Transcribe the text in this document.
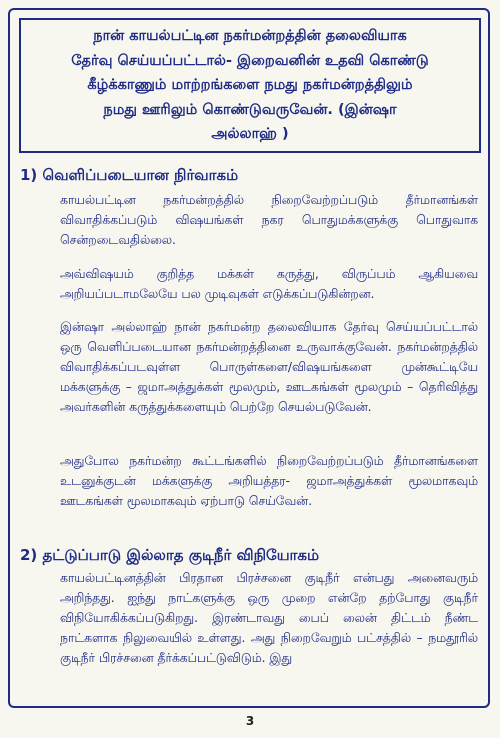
நான் காயல்பட்டின நகர்மன்றத்தின் தலைவியாக

தேர்வு செய்யப்பட்டால்- இறைவனின் உதவி கொண்டு

கீழ்க்காணும் மாற்றங்களை நமது நகர்மன்றத்திலும்

நமது ஊரிலும் கொண்டுவருவேன். (இன்ஷா

அல்லாஹ் )

1) வெளிப்படையான நிர்வாகம்

காயல்பட்டின நகர்மன்றத்தில் நிறைவேற்றப்படும் தீர்மானங்கள் விவாதிக்கப்படும் விஷயங்கள் நகர பொதுமக்களுக்கு பொதுவாக சென்றடைவதில்லை.

அவ்விஷயம் குறித்த மக்கள் கருத்து, விருப்பம் ஆகியவை அறியப்படாமலேயே பல முடிவுகள் எடுக்கப்படுகின்றன.

இன்ஷா அல்லாஹ் நான் நகர்மன்ற தலைவியாக தேர்வு செய்யப்பட்டால் ஒரு வெளிப்படையான நகர்மன்றத்தினை உருவாக்குவேன். நகர்மன்றத்தில் விவாதிக்கப்படவுள்ள பொருள்களை/விஷயங்களை முன்கூட்டியே மக்களுக்கு – ஜமாஅத்துக்கள் மூலமும், ஊடகங்கள் மூலமும் – தெரிவித்து அவர்களின் கருத்துக்களையும் பெற்றே செயல்படுவேன்.

அதுபோல நகர்மன்ற கூட்டங்களில் நிறைவேற்றப்படும் தீர்மானங்களை உடனுக்குடன் மக்களுக்கு அறியத்தர- ஜமாஅத்துக்கள் மூலமாகவும் ஊடகங்கள் மூலமாகவும் ஏற்பாடு செய்வேன்.

2) தட்டுப்பாடு இல்லாத குடிநீர் விநியோகம்

காயல்பட்டினத்தின் பிரதான பிரச்சனை குடிநீர் என்பது அனைவரும் அறிந்தது. ஐந்து நாட்களுக்கு ஒரு முறை என்றே தற்போது குடிநீர் விநியோகிக்கப்படுகிறது. இரண்டாவது பைப் லைன் திட்டம் நீண்ட நாட்களாக நிலுவையில் உள்ளது. அது நிறைவேறும் பட்சத்தில் – நமதூரில் குடிநீர் பிரச்சனை தீர்க்கப்பட்டுவிடும். இது

3
